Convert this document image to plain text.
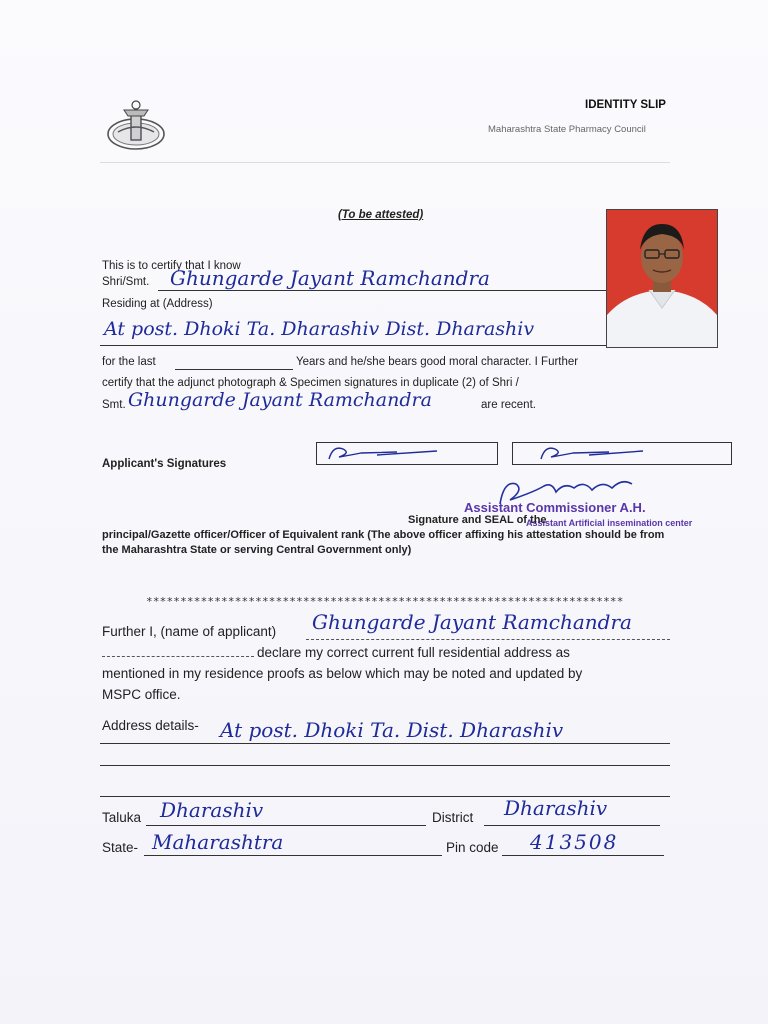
IDENTITY SLIP
Maharashtra State Pharmacy Council
(To be attested)
This is to certify that I know
Shri/Smt. Ghungarde Jayant Ramchandra
Residing at (Address)
At post. Dhoki Ta. Dharashiv Dist. Dharashiv
for the last	Years and he/she bears good moral character. I Further
certify that the adjunct photograph & Specimen signatures in duplicate (2) of Shri /
Smt. Ghungarde Jayant Ramchandra	are recent.
Applicant's Signatures
Assistant Commissioner A.H.
Assistant Artificial insemination center
Signature and SEAL of the
principal/Gazette officer/Officer of Equivalent rank (The above officer affixing his attestation should be from the Maharashtra State or serving Central Government only)
**********************************************************************
Further I, (name of applicant) Ghungarde Jayant Ramchandra
declare my correct current full residential address as
mentioned in my residence proofs as below which may be noted and updated by
MSPC office.
Address details- At post. Dhoki Ta. Dist. Dharashiv
Taluka Dharashiv	District Dharashiv
State- Maharashtra	Pin code 413508
